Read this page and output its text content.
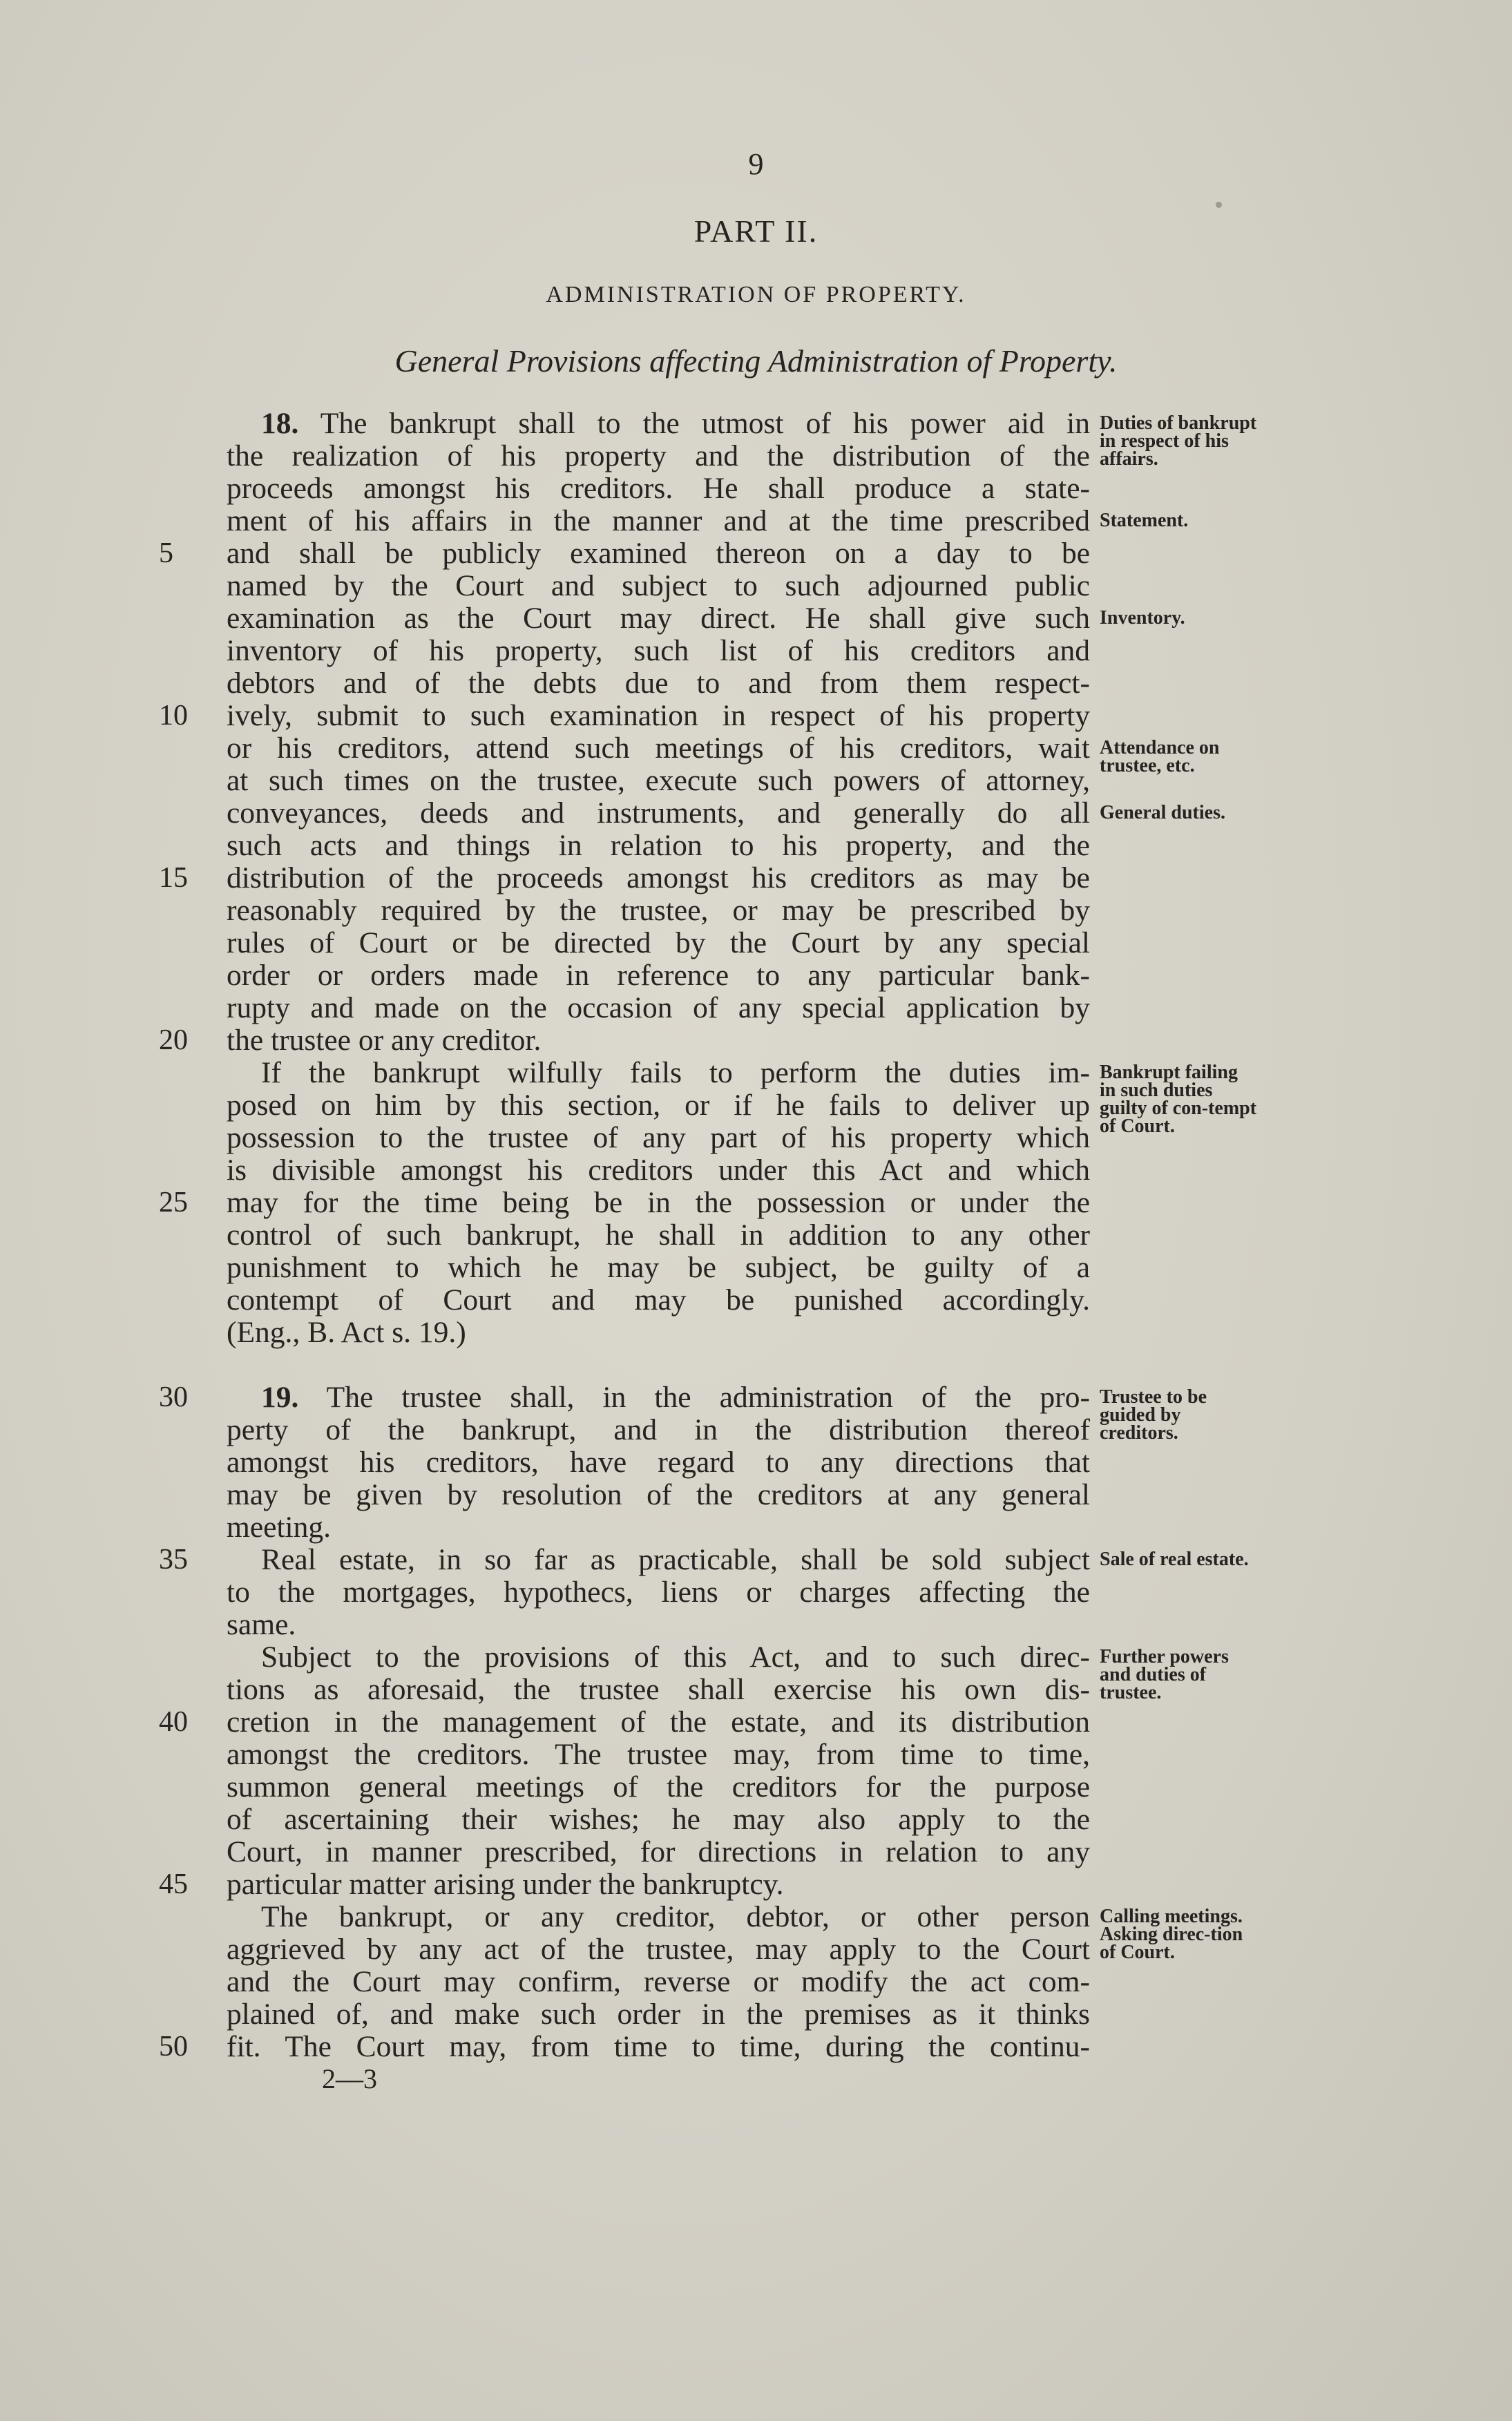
9
PART II.
ADMINISTRATION OF PROPERTY.
General Provisions affecting Administration of Property.
18. The bankrupt shall to the utmost of his power aid in
the realization of his property and the distribution of the
proceeds amongst his creditors. He shall produce a state-
ment of his affairs in the manner and at the time prescribed
5	and shall be publicly examined thereon on a day to be
named by the Court and subject to such adjourned public
examination as the Court may direct. He shall give such
inventory of his property, such list of his creditors and
debtors and of the debts due to and from them respect-
10	ively, submit to such examination in respect of his property
or his creditors, attend such meetings of his creditors, wait
at such times on the trustee, execute such powers of attorney,
conveyances, deeds and instruments, and generally do all
such acts and things in relation to his property, and the
15	distribution of the proceeds amongst his creditors as may be
reasonably required by the trustee, or may be prescribed by
rules of Court or be directed by the Court by any special
order or orders made in reference to any particular bank-
rupty and made on the occasion of any special application by
20	the trustee or any creditor.
If the bankrupt wilfully fails to perform the duties im-
posed on him by this section, or if he fails to deliver up
possession to the trustee of any part of his property which
is divisible amongst his creditors under this Act and which
25	may for the time being be in the possession or under the
control of such bankrupt, he shall in addition to any other
punishment to which he may be subject, be guilty of a
contempt of Court and may be punished accordingly.
(Eng., B. Act s. 19.)
30	19. The trustee shall, in the administration of the pro-
perty of the bankrupt, and in the distribution thereof
amongst his creditors, have regard to any directions that
may be given by resolution of the creditors at any general
meeting.
35	Real estate, in so far as practicable, shall be sold subject
to the mortgages, hypothecs, liens or charges affecting the
same.
Subject to the provisions of this Act, and to such direc-
tions as aforesaid, the trustee shall exercise his own dis-
40	cretion in the management of the estate, and its distribution
amongst the creditors. The trustee may, from time to time,
summon general meetings of the creditors for the purpose
of ascertaining their wishes; he may also apply to the
Court, in manner prescribed, for directions in relation to any
45	particular matter arising under the bankruptcy.
The bankrupt, or any creditor, debtor, or other person
aggrieved by any act of the trustee, may apply to the Court
and the Court may confirm, reverse or modify the act com-
plained of, and make such order in the premises as it thinks
50	fit. The Court may, from time to time, during the continu-
Duties of bankrupt in respect of his affairs.
Statement.
Inventory.
Attendance on trustee, etc.
General duties.
Bankrupt failing in such duties guilty of con-tempt of Court.
Trustee to be guided by creditors.
Sale of real estate.
Further powers and duties of trustee.
Calling meetings. Asking direc-tion of Court.
2—3
